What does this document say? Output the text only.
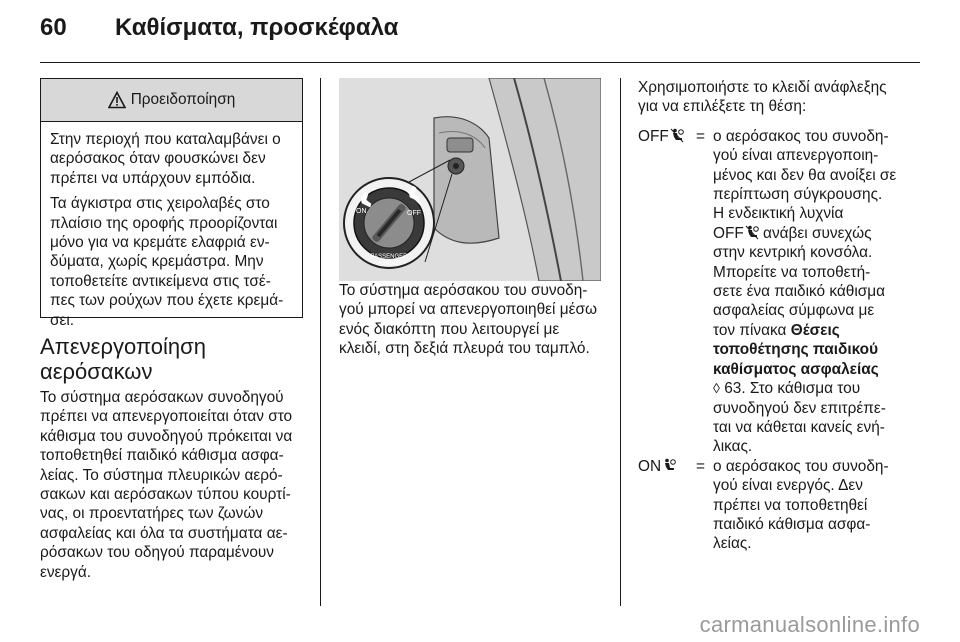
60 Καθίσματα, προσκέφαλα
Προειδοποίηση

Στην περιοχή που καταλαμβάνει ο
αερόσακος όταν φουσκώνει δεν
πρέπει να υπάρχουν εμπόδια.

Τα άγκιστρα στις χειρολαβές στο
πλαίσιο της οροφής προορίζονται
μόνο για να κρεμάτε ελαφριά εν-
δύματα, χωρίς κρεμάστρα. Μην
τοποθετείτε αντικείμενα στις τσέ-
πες των ρούχων που έχετε κρεμά-
σει.

Απενεργοποίηση
αερόσακων

Το σύστημα αερόσακων συνοδηγού
πρέπει να απενεργοποιείται όταν στο
κάθισμα του συνοδηγού πρόκειται να
τοποθετηθεί παιδικό κάθισμα ασφα-
λείας. Το σύστημα πλευρικών αερό-
σακων και αερόσακων τύπου κουρτί-
νας, οι προεντατήρες των ζωνών
ασφαλείας και όλα τα συστήματα αε-
ρόσακων του οδηγού παραμένουν
ενεργά.

ON	OFF
PASSENGER
AIRBAG

Το σύστημα αερόσακου του συνοδη-
γού μπορεί να απενεργοποιηθεί μέσω
ενός διακόπτη που λειτουργεί με
κλειδί, στη δεξιά πλευρά του ταμπλό.

Χρησιμοποιήστε το κλειδί ανάφλεξης
για να επιλέξετε τη θέση:

OFF = ο αερόσακος του συνοδη-
γού είναι απενεργοποιη-
μένος και δεν θα ανοίξει σε
περίπτωση σύγκρουσης.
Η ενδεικτική λυχνία
OFF ανάβει συνεχώς
στην κεντρική κονσόλα.
Μπορείτε να τοποθετή-
σετε ένα παιδικό κάθισμα
ασφαλείας σύμφωνα με
τον πίνακα Θέσεις
τοποθέτησης παιδικού
καθίσματος ασφαλείας
◊ 63. Στο κάθισμα του
συνοδηγού δεν επιτρέπε-
ται να κάθεται κανείς ενή-
λικας.
ON = ο αερόσακος του συνοδη-
γού είναι ενεργός. Δεν
πρέπει να τοποθετηθεί
παιδικό κάθισμα ασφα-
λείας.
carmanualsonline.info
